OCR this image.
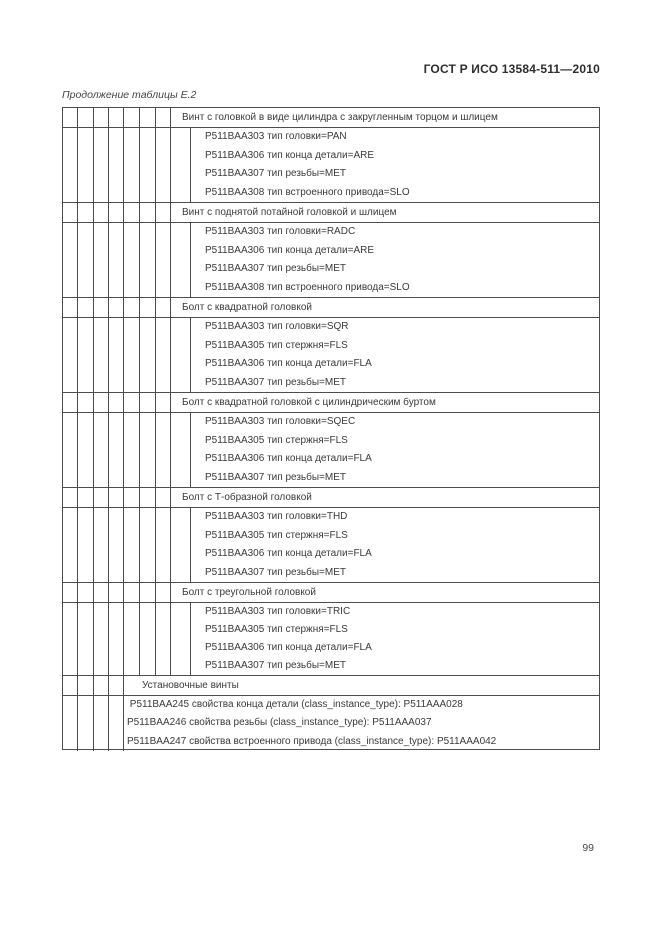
ГОСТ Р ИСО 13584-511—2010
Продолжение таблицы Е.2
Винт с головкой в виде цилиндра с закругленным торцом и шлицем
P511BAA303 тип головки=PAN
P511BAA306 тип конца детали=ARE
P511BAA307 тип резьбы=MET
P511BAA308 тип встроенного привода=SLO
Винт с поднятой потайной головкой и шлицем
P511BAA303 тип головки=RADC
P511BAA306 тип конца детали=ARE
P511BAA307 тип резьбы=MET
P511BAA308 тип встроенного привода=SLO
Болт с квадратной головкой
P511BAA303 тип головки=SQR
P511BAA305 тип стержня=FLS
P511BAA306 тип конца детали=FLA
P511BAA307 тип резьбы=MET
Болт с квадратной головкой с цилиндрическим буртом
P511BAA303 тип головки=SQEC
P511BAA305 тип стержня=FLS
P511BAA306 тип конца детали=FLA
P511BAA307 тип резьбы=MET
Болт с Т-образной головкой
P511BAA303 тип головки=THD
P511BAA305 тип стержня=FLS
P511BAA306 тип конца детали=FLA
P511BAA307 тип резьбы=MET
Болт с треугольной головкой
P511BAA303 тип головки=TRIC
P511BAA305 тип стержня=FLS
P511BAA306 тип конца детали=FLA
P511BAA307 тип резьбы=MET
Установочные винты
P511BAA245 свойства конца детали (class_instance_type): P511AAA028
P511BAA246 свойства резьбы (class_instance_type): P511AAA037
P511BAA247 свойства встроенного привода (class_instance_type): P511AAA042
99
